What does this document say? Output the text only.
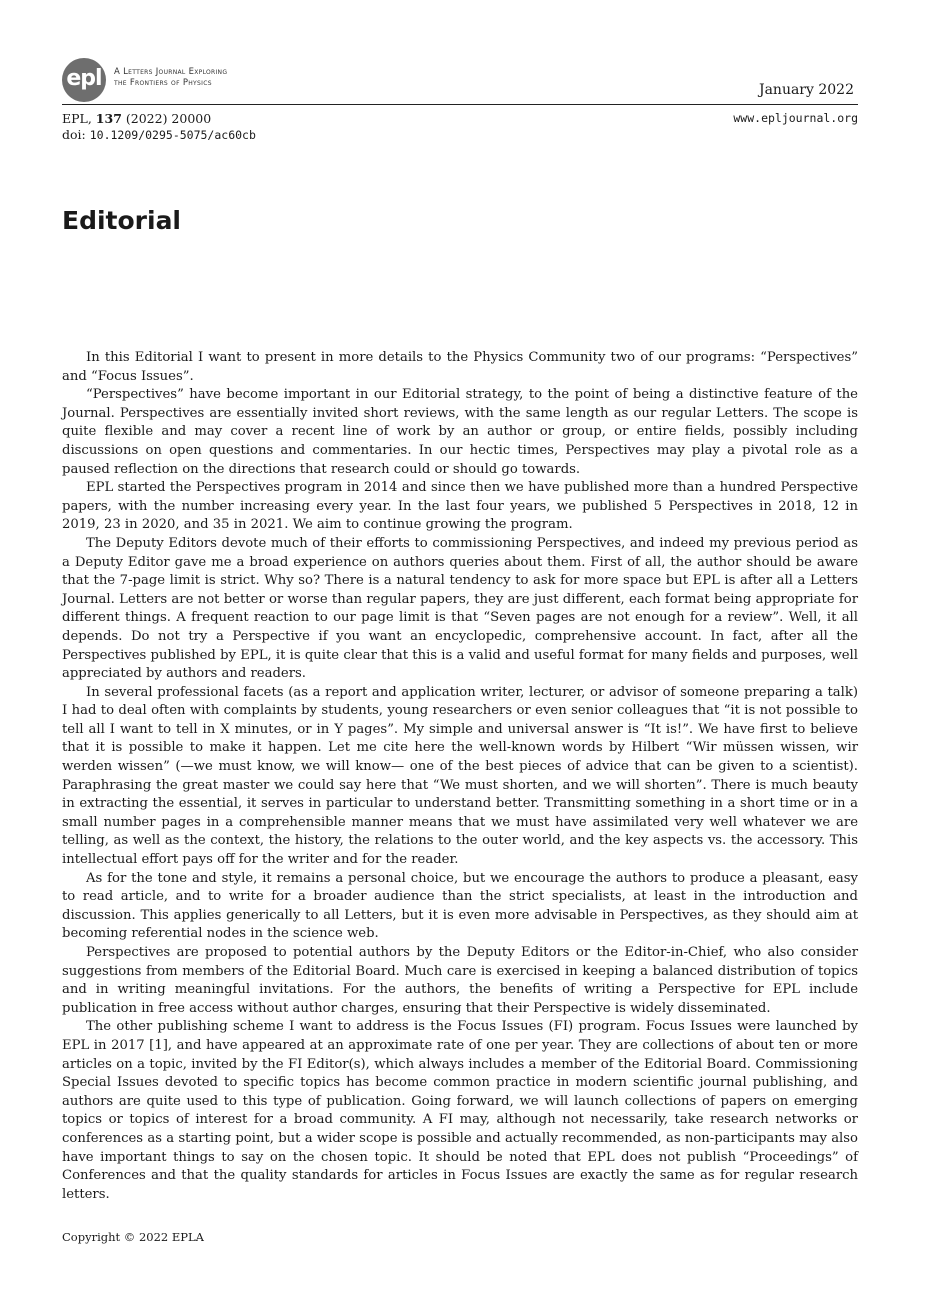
epl A Letters Journal Exploring
the Frontiers of Physics	January 2022
EPL, 137 (2022) 20000
doi: 10.1209/0295-5075/ac60cb
www.epljournal.org
Editorial

In this Editorial I want to present in more details to the Physics Community two of our programs: “Perspectives” and “Focus Issues”.

“Perspectives” have become important in our Editorial strategy, to the point of being a distinctive feature of the Journal. Perspectives are essentially invited short reviews, with the same length as our regular Letters. The scope is quite flexible and may cover a recent line of work by an author or group, or entire fields, possibly including discussions on open questions and commentaries. In our hectic times, Perspectives may play a pivotal role as a paused reflection on the directions that research could or should go towards.

EPL started the Perspectives program in 2014 and since then we have published more than a hundred Perspective papers, with the number increasing every year. In the last four years, we published 5 Perspectives in 2018, 12 in 2019, 23 in 2020, and 35 in 2021. We aim to continue growing the program.

The Deputy Editors devote much of their efforts to commissioning Perspectives, and indeed my previous period as a Deputy Editor gave me a broad experience on authors queries about them. First of all, the author should be aware that the 7-page limit is strict. Why so? There is a natural tendency to ask for more space but EPL is after all a Letters Journal. Letters are not better or worse than regular papers, they are just different, each format being appropriate for different things. A frequent reaction to our page limit is that “Seven pages are not enough for a review”. Well, it all depends. Do not try a Perspective if you want an encyclopedic, comprehensive account. In fact, after all the Perspectives published by EPL, it is quite clear that this is a valid and useful format for many fields and purposes, well appreciated by authors and readers.

In several professional facets (as a report and application writer, lecturer, or advisor of someone preparing a talk) I had to deal often with complaints by students, young researchers or even senior colleagues that “it is not possible to tell all I want to tell in X minutes, or in Y pages”. My simple and universal answer is “It is!”. We have first to believe that it is possible to make it happen. Let me cite here the well-known words by Hilbert “Wir müssen wissen, wir werden wissen” (—we must know, we will know— one of the best pieces of advice that can be given to a scientist). Paraphrasing the great master we could say here that “We must shorten, and we will shorten”. There is much beauty in extracting the essential, it serves in particular to understand better. Transmitting something in a short time or in a small number pages in a comprehensible manner means that we must have assimilated very well whatever we are telling, as well as the context, the history, the relations to the outer world, and the key aspects vs. the accessory. This intellectual effort pays off for the writer and for the reader.

As for the tone and style, it remains a personal choice, but we encourage the authors to produce a pleasant, easy to read article, and to write for a broader audience than the strict specialists, at least in the introduction and discussion. This applies generically to all Letters, but it is even more advisable in Perspectives, as they should aim at becoming referential nodes in the science web.

Perspectives are proposed to potential authors by the Deputy Editors or the Editor-in-Chief, who also consider suggestions from members of the Editorial Board. Much care is exercised in keeping a balanced distribution of topics and in writing meaningful invitations. For the authors, the benefits of writing a Perspective for EPL include publication in free access without author charges, ensuring that their Perspective is widely disseminated.

The other publishing scheme I want to address is the Focus Issues (FI) program. Focus Issues were launched by EPL in 2017 [1], and have appeared at an approximate rate of one per year. They are collections of about ten or more articles on a topic, invited by the FI Editor(s), which always includes a member of the Editorial Board. Commissioning Special Issues devoted to specific topics has become common practice in modern scientific journal publishing, and authors are quite used to this type of publication. Going forward, we will launch collections of papers on emerging topics or topics of interest for a broad community. A FI may, although not necessarily, take research networks or conferences as a starting point, but a wider scope is possible and actually recommended, as non-participants may also have important things to say on the chosen topic. It should be noted that EPL does not publish “Proceedings” of Conferences and that the quality standards for articles in Focus Issues are exactly the same as for regular research letters.

Copyright © 2022 EPLA
